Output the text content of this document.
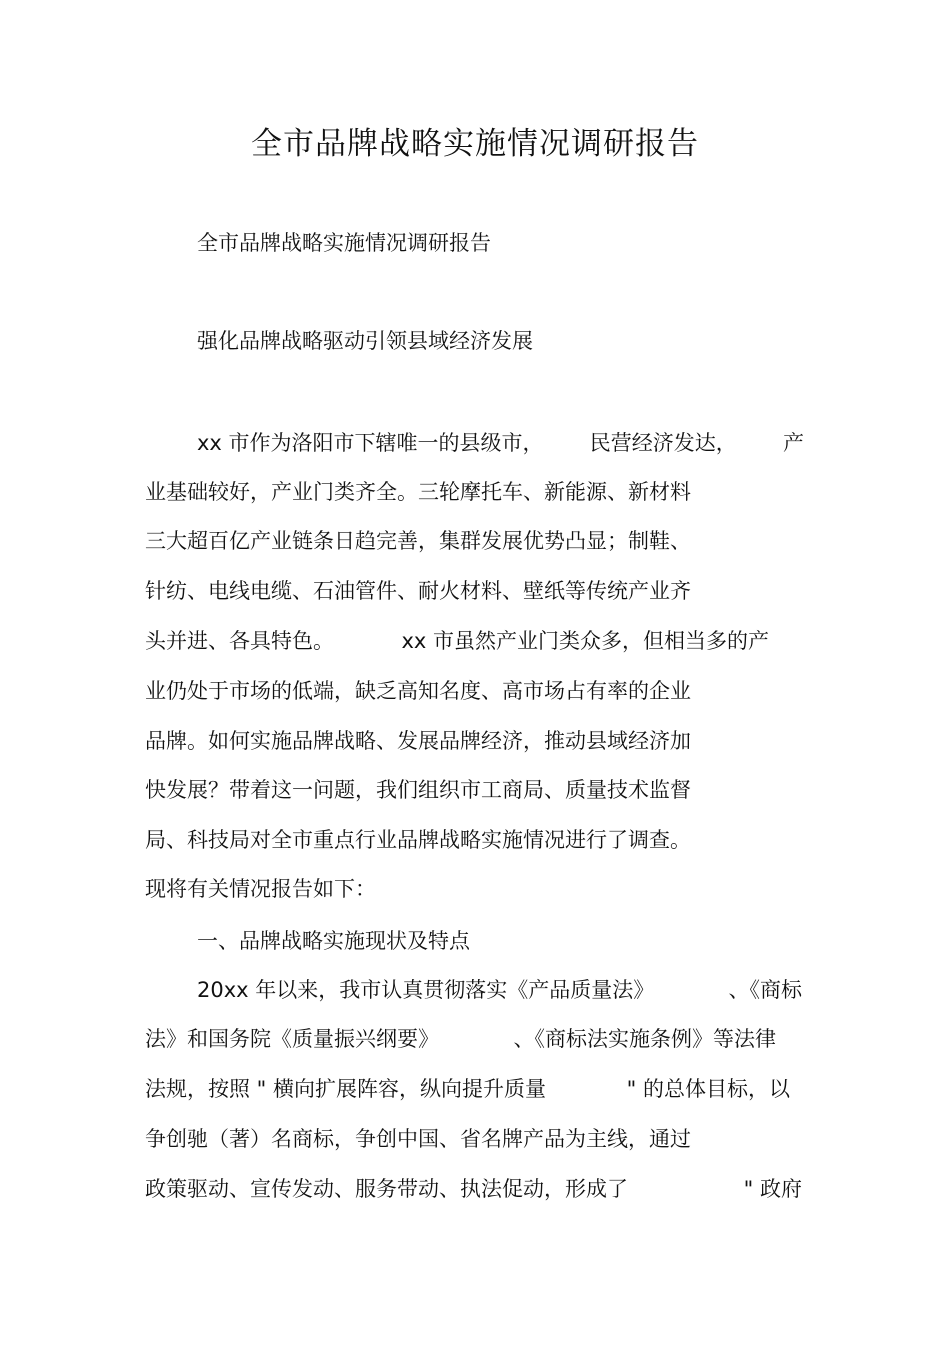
全市品牌战略实施情况调研报告
全市品牌战略实施情况调研报告
强化品牌战略驱动引领县域经济发展
xx 市作为洛阳市下辖唯一的县级市， 民营经济发达， 产
业基础较好，产业门类齐全。三轮摩托车、新能源、新材料
三大超百亿产业链条日趋完善，集群发展优势凸显；制鞋、
针纺、电线电缆、石油管件、耐火材料、壁纸等传统产业齐
头并进、各具特色。	xx 市虽然产业门类众多，但相当多的产
业仍处于市场的低端，缺乏高知名度、高市场占有率的企业
品牌。如何实施品牌战略、发展品牌经济，推动县域经济加
快发展？带着这一问题，我们组织市工商局、质量技术监督
局、科技局对全市重点行业品牌战略实施情况进行了调查。
现将有关情况报告如下：
一、品牌战略实施现状及特点
20xx 年以来，我市认真贯彻落实《产品质量法》	、《商标
法》和国务院《质量振兴纲要》	、《商标法实施条例》等法律
法规，按照 " 横向扩展阵容，纵向提升质量	" 的总体目标，以
争创驰（著）名商标，争创中国、省名牌产品为主线，通过
政策驱动、宣传发动、服务带动、执法促动，形成了	" 政府
